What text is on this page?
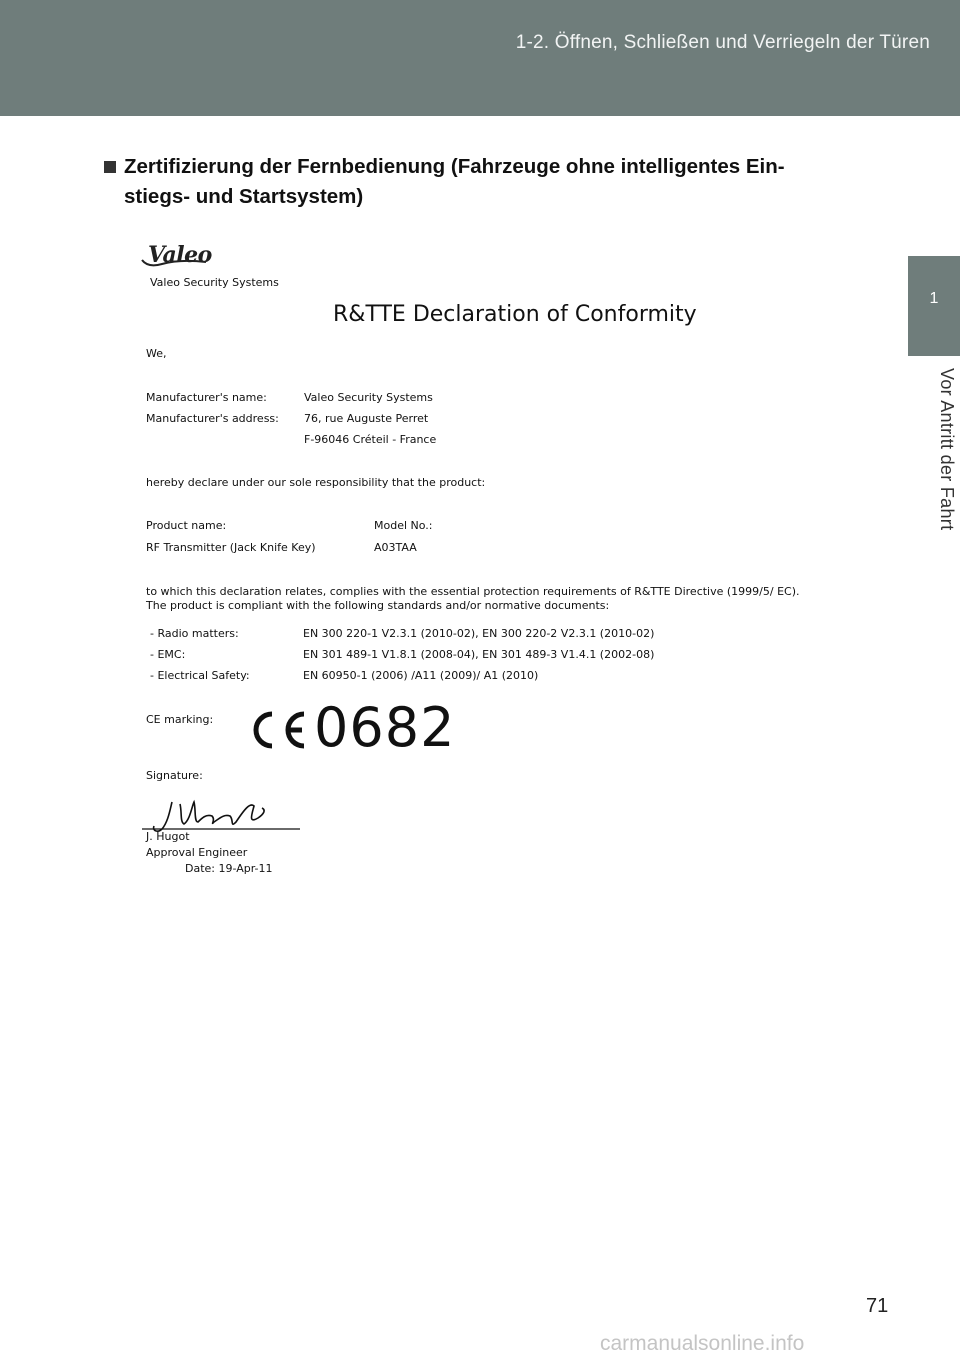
1-2. Öffnen, Schließen und Verriegeln der Türen
1
Vor Antritt der Fahrt
Zertifizierung der Fernbedienung (Fahrzeuge ohne intelligentes Ein-
stiegs- und Startsystem)
Valeo
Valeo Security Systems
R&TTE Declaration of Conformity
We,
Manufacturer's name:	Valeo Security Systems
Manufacturer's address: 76, rue Auguste Perret
F-96046 Créteil - France
hereby declare under our sole responsibility that the product:
Product name:	Model No.:
RF Transmitter (Jack Knife Key)	A03TAA
to which this declaration relates, complies with the essential protection requirements of R&TTE Directive (1999/5/ EC).
The product is compliant with the following standards and/or normative documents:
- Radio matters:	EN 300 220-1 V2.3.1 (2010-02), EN 300 220-2 V2.3.1 (2010-02)
- EMC:	EN 301 489-1 V1.8.1 (2008-04), EN 301 489-3 V1.4.1 (2002-08)
- Electrical Safety:	EN 60950-1 (2006) /A11 (2009)/ A1 (2010)
CE marking: 0682
Signature:
J. Hugot
Approval Engineer
Date: 19-Apr-11
71
carmanualsonline.info
